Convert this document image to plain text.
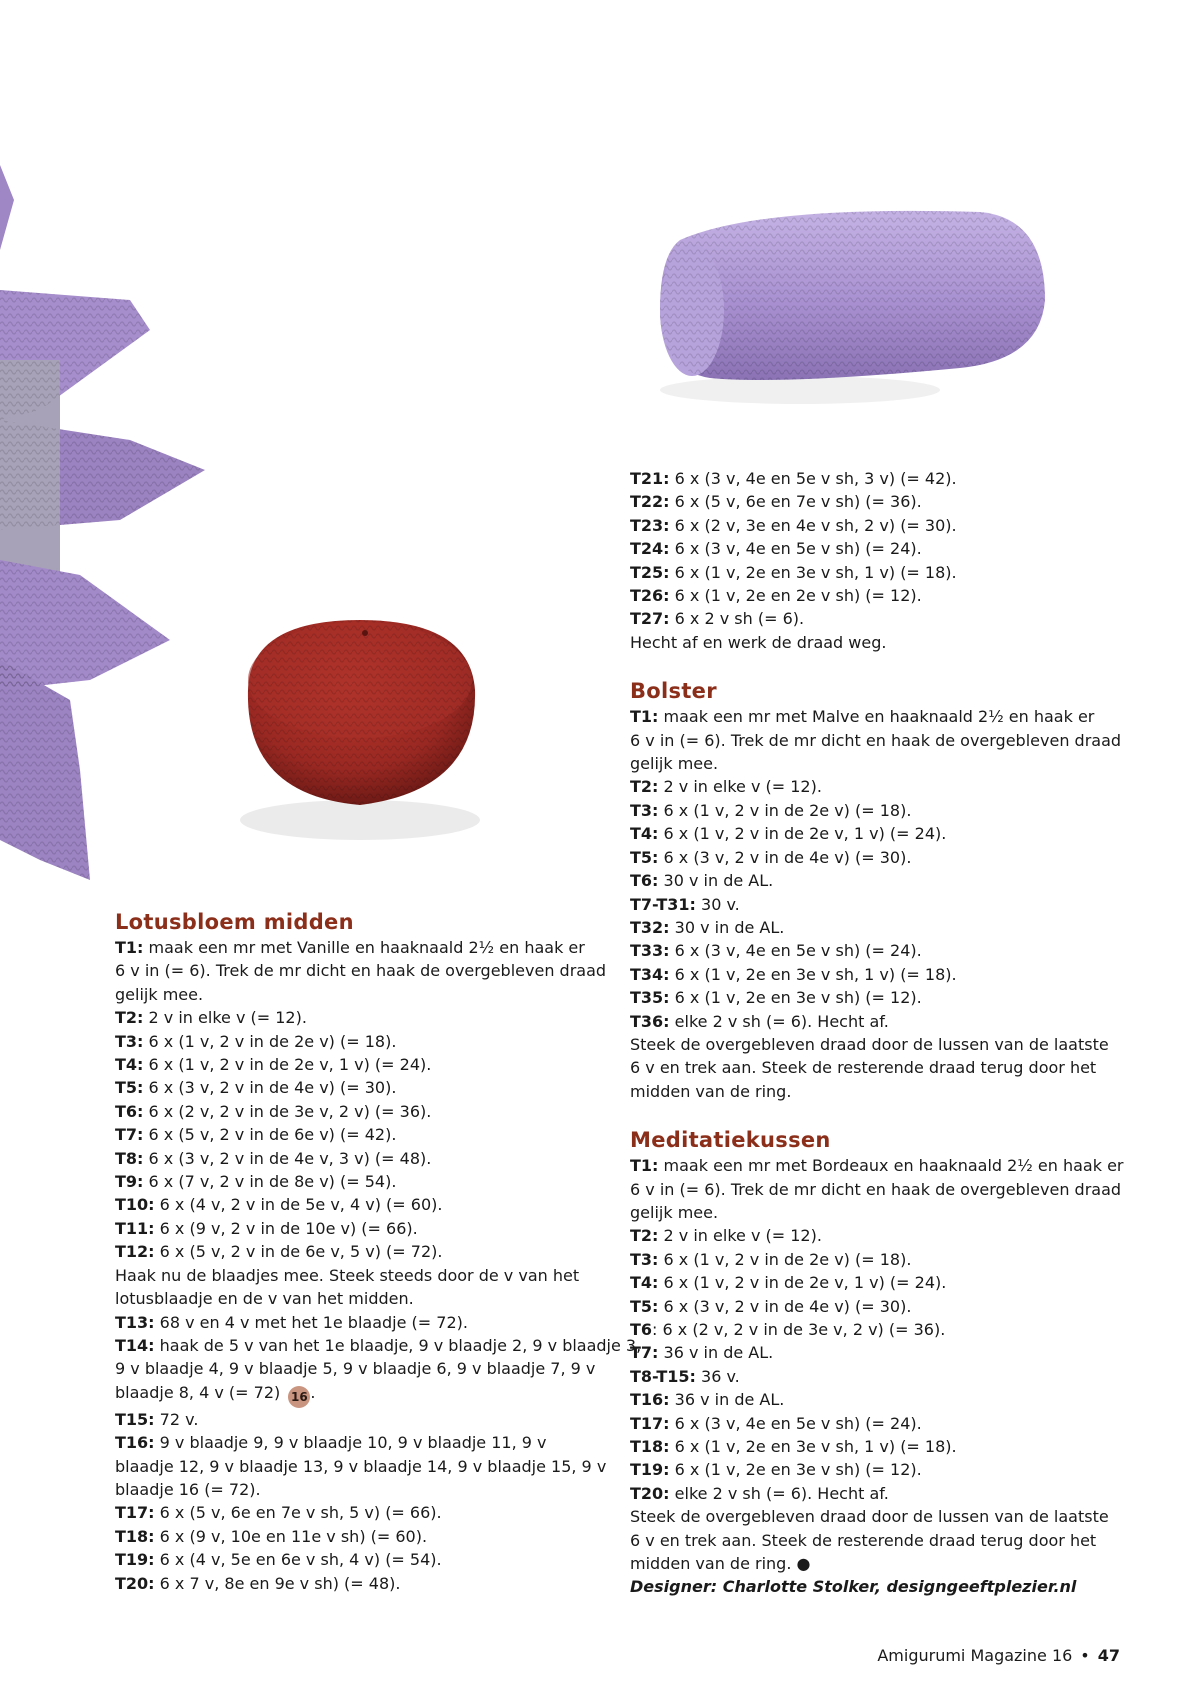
Lotusbloem midden
T1: maak een mr met Vanille en haaknaald 2½ en haak er
6 v in (= 6). Trek de mr dicht en haak de overgebleven draad
gelijk mee.
T2: 2 v in elke v (= 12).
T3: 6 x (1 v, 2 v in de 2e v) (= 18).
T4: 6 x (1 v, 2 v in de 2e v, 1 v) (= 24).
T5: 6 x (3 v, 2 v in de 4e v) (= 30).
T6: 6 x (2 v, 2 v in de 3e v, 2 v) (= 36).
T7: 6 x (5 v, 2 v in de 6e v) (= 42).
T8: 6 x (3 v, 2 v in de 4e v, 3 v) (= 48).
T9: 6 x (7 v, 2 v in de 8e v) (= 54).
T10: 6 x (4 v, 2 v in de 5e v, 4 v) (= 60).
T11: 6 x (9 v, 2 v in de 10e v) (= 66).
T12: 6 x (5 v, 2 v in de 6e v, 5 v) (= 72).
Haak nu de blaadjes mee. Steek steeds door de v van het
lotusblaadje en de v van het midden.
T13: 68 v en 4 v met het 1e blaadje (= 72).
T14: haak de 5 v van het 1e blaadje, 9 v blaadje 2, 9 v blaadje 3,
9 v blaadje 4, 9 v blaadje 5, 9 v blaadje 6, 9 v blaadje 7, 9 v
blaadje 8, 4 v (= 72) 16 .
T15: 72 v.
T16: 9 v blaadje 9, 9 v blaadje 10, 9 v blaadje 11, 9 v
blaadje 12, 9 v blaadje 13, 9 v blaadje 14, 9 v blaadje 15, 9 v
blaadje 16 (= 72).
T17: 6 x (5 v, 6e en 7e v sh, 5 v) (= 66).
T18: 6 x (9 v, 10e en 11e v sh) (= 60).
T19: 6 x (4 v, 5e en 6e v sh, 4 v) (= 54).
T20: 6 x 7 v, 8e en 9e v sh) (= 48).
T21: 6 x (3 v, 4e en 5e v sh, 3 v) (= 42).
T22: 6 x (5 v, 6e en 7e v sh) (= 36).
T23: 6 x (2 v, 3e en 4e v sh, 2 v) (= 30).
T24: 6 x (3 v, 4e en 5e v sh) (= 24).
T25: 6 x (1 v, 2e en 3e v sh, 1 v) (= 18).
T26: 6 x (1 v, 2e en 2e v sh) (= 12).
T27: 6 x 2 v sh (= 6).
Hecht af en werk de draad weg.
Bolster
T1: maak een mr met Malve en haaknaald 2½ en haak er
6 v in (= 6). Trek de mr dicht en haak de overgebleven draad
gelijk mee.
T2: 2 v in elke v (= 12).
T3: 6 x (1 v, 2 v in de 2e v) (= 18).
T4: 6 x (1 v, 2 v in de 2e v, 1 v) (= 24).
T5: 6 x (3 v, 2 v in de 4e v) (= 30).
T6: 30 v in de AL.
T7-T31: 30 v.
T32: 30 v in de AL.
T33: 6 x (3 v, 4e en 5e v sh) (= 24).
T34: 6 x (1 v, 2e en 3e v sh, 1 v) (= 18).
T35: 6 x (1 v, 2e en 3e v sh) (= 12).
T36: elke 2 v sh (= 6). Hecht af.
Steek de overgebleven draad door de lussen van de laatste
6 v en trek aan. Steek de resterende draad terug door het
midden van de ring.
Meditatiekussen
T1: maak een mr met Bordeaux en haaknaald 2½ en haak er
6 v in (= 6). Trek de mr dicht en haak de overgebleven draad
gelijk mee.
T2: 2 v in elke v (= 12).
T3: 6 x (1 v, 2 v in de 2e v) (= 18).
T4: 6 x (1 v, 2 v in de 2e v, 1 v) (= 24).
T5: 6 x (3 v, 2 v in de 4e v) (= 30).
T6: 6 x (2 v, 2 v in de 3e v, 2 v) (= 36).
T7: 36 v in de AL.
T8-T15: 36 v.
T16: 36 v in de AL.
T17: 6 x (3 v, 4e en 5e v sh) (= 24).
T18: 6 x (1 v, 2e en 3e v sh, 1 v) (= 18).
T19: 6 x (1 v, 2e en 3e v sh) (= 12).
T20: elke 2 v sh (= 6). Hecht af.
Steek de overgebleven draad door de lussen van de laatste
6 v en trek aan. Steek de resterende draad terug door het
midden van de ring. ●
Designer: Charlotte Stolker, designgeeftplezier.nl
Amigurumi Magazine 16 • 47
